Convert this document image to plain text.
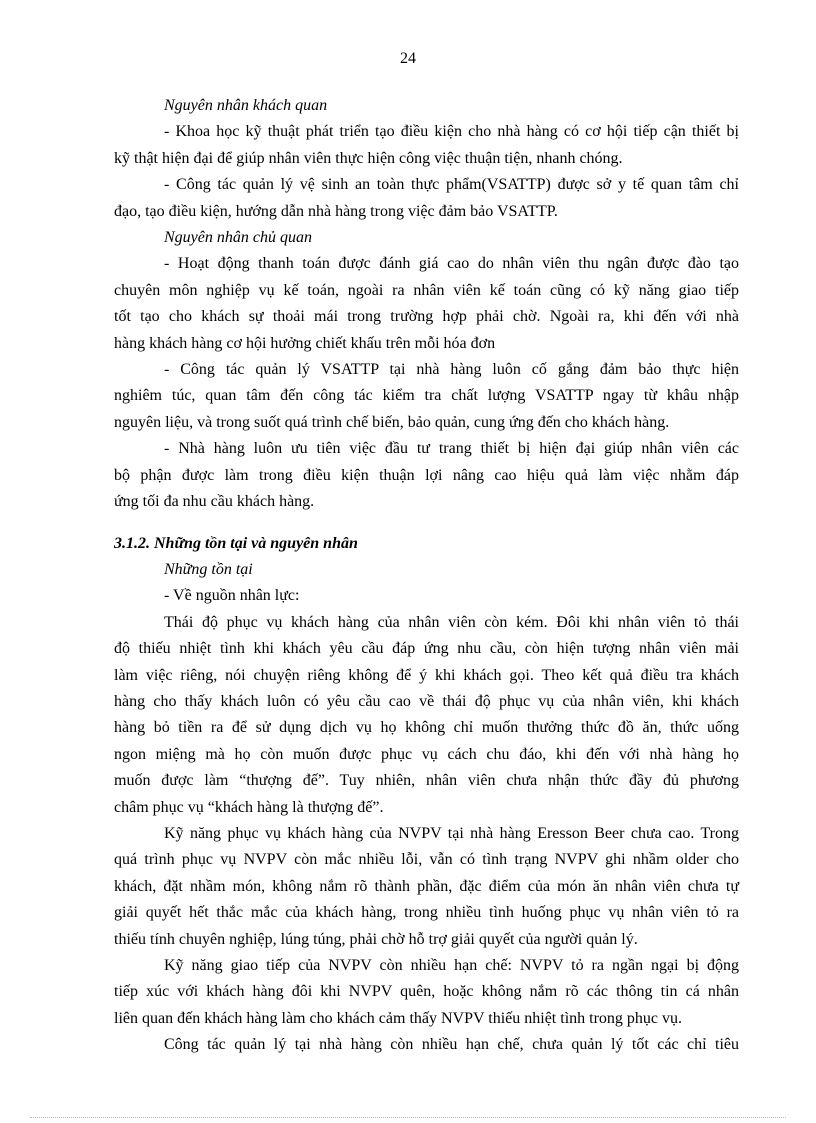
24
Nguyên nhân khách quan
- Khoa học kỹ thuật phát triển tạo điều kiện cho nhà hàng có cơ hội tiếp cận thiết bị
kỹ thật hiện đại để giúp nhân viên thực hiện công việc thuận tiện, nhanh chóng.
- Công tác quản lý vệ sinh an toàn thực phẩm(VSATTP) được sở y tế quan tâm chỉ
đạo, tạo điều kiện, hướng dẫn nhà hàng trong việc đảm bảo VSATTP.
Nguyên nhân chủ quan
- Hoạt động thanh toán được đánh giá cao do nhân viên thu ngân được đào tạo
chuyên môn nghiệp vụ kế toán, ngoài ra nhân viên kế toán cũng có kỹ năng giao tiếp
tốt tạo cho khách sự thoải mái trong trường hợp phải chờ. Ngoài ra, khi đến với nhà
hàng khách hàng cơ hội hưởng chiết khấu trên mỗi hóa đơn
- Công tác quản lý VSATTP tại nhà hàng luôn cố gắng đảm bảo thực hiện
nghiêm túc, quan tâm đến công tác kiểm tra chất lượng VSATTP ngay từ khâu nhập
nguyên liệu, và trong suốt quá trình chế biến, bảo quản, cung ứng đến cho khách hàng.
- Nhà hàng luôn ưu tiên việc đầu tư trang thiết bị hiện đại giúp nhân viên các
bộ phận được làm trong điều kiện thuận lợi nâng cao hiệu quả làm việc nhằm đáp
ứng tối đa nhu cầu khách hàng.
3.1.2. Những tồn tại và nguyên nhân
Những tồn tại
- Về nguồn nhân lực:
Thái độ phục vụ khách hàng của nhân viên còn kém. Đôi khi nhân viên tỏ thái
độ thiếu nhiệt tình khi khách yêu cầu đáp ứng nhu cầu, còn hiện tượng nhân viên mải
làm việc riêng, nói chuyện riêng không để ý khi khách gọi. Theo kết quả điều tra khách
hàng cho thấy khách luôn có yêu cầu cao về thái độ phục vụ của nhân viên, khi khách
hàng bỏ tiền ra để sử dụng dịch vụ họ không chỉ muốn thưởng thức đồ ăn, thức uống
ngon miệng mà họ còn muốn được phục vụ cách chu đáo, khi đến với nhà hàng họ
muốn được làm “thượng đế”. Tuy nhiên, nhân viên chưa nhận thức đầy đủ phương
châm phục vụ “khách hàng là thượng đế”.
Kỹ năng phục vụ khách hàng của NVPV tại nhà hàng Eresson Beer chưa cao. Trong
quá trình phục vụ NVPV còn mắc nhiều lỗi, vẫn có tình trạng NVPV ghi nhầm older cho
khách, đặt nhầm món, không nắm rõ thành phần, đặc điểm của món ăn nhân viên chưa tự
giải quyết hết thắc mắc của khách hàng, trong nhiều tình huống phục vụ nhân viên tỏ ra
thiếu tính chuyên nghiệp, lúng túng, phải chờ hỗ trợ giải quyết của người quản lý.
Kỹ năng giao tiếp của NVPV còn nhiều hạn chế: NVPV tỏ ra ngần ngại bị động
tiếp xúc với khách hàng đôi khi NVPV quên, hoặc không nắm rõ các thông tin cá nhân
liên quan đến khách hàng làm cho khách cảm thấy NVPV thiếu nhiệt tình trong phục vụ.
Công tác quản lý tại nhà hàng còn nhiều hạn chế, chưa quản lý tốt các chỉ tiêu
